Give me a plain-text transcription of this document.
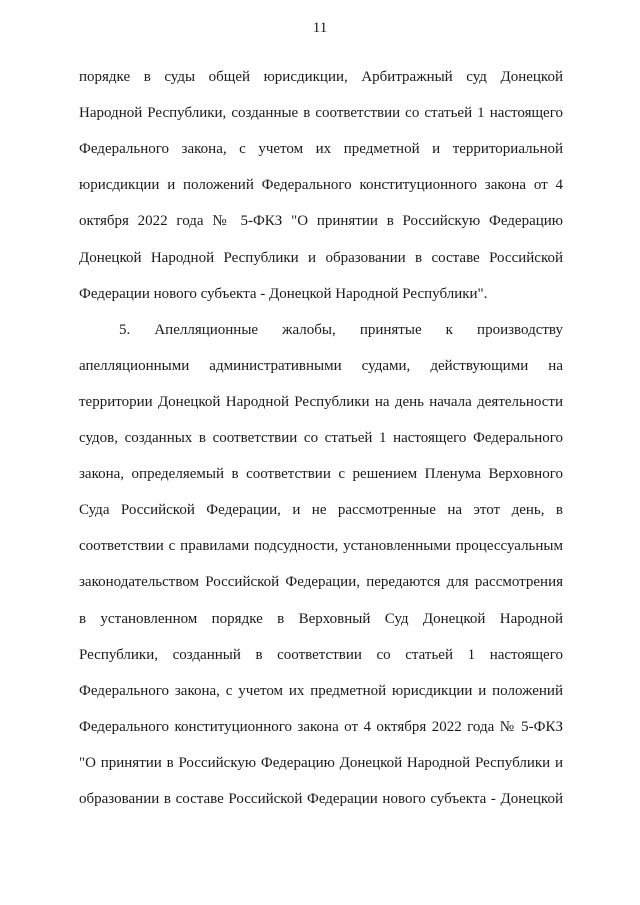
11
порядке в суды общей юрисдикции, Арбитражный суд Донецкой
Народной Республики, созданные в соответствии со статьей 1 настоящего
Федерального закона, с учетом их предметной и территориальной
юрисдикции и положений Федерального конституционного закона от 4
октября 2022 года № 5-ФКЗ "О принятии в Российскую Федерацию
Донецкой Народной Республики и образовании в составе Российской
Федерации нового субъекта - Донецкой Народной Республики".
5. Апелляционные жалобы, принятые к производству
апелляционными административными судами, действующими на
территории Донецкой Народной Республики на день начала деятельности
судов, созданных в соответствии со статьей 1 настоящего Федерального
закона, определяемый в соответствии с решением Пленума Верховного
Суда Российской Федерации, и не рассмотренные на этот день, в
соответствии с правилами подсудности, установленными процессуальным
законодательством Российской Федерации, передаются для рассмотрения
в установленном порядке в Верховный Суд Донецкой Народной
Республики, созданный в соответствии со статьей 1 настоящего
Федерального закона, с учетом их предметной юрисдикции и положений
Федерального конституционного закона от 4 октября 2022 года № 5-ФКЗ
"О принятии в Российскую Федерацию Донецкой Народной Республики и
образовании в составе Российской Федерации нового субъекта - Донецкой
